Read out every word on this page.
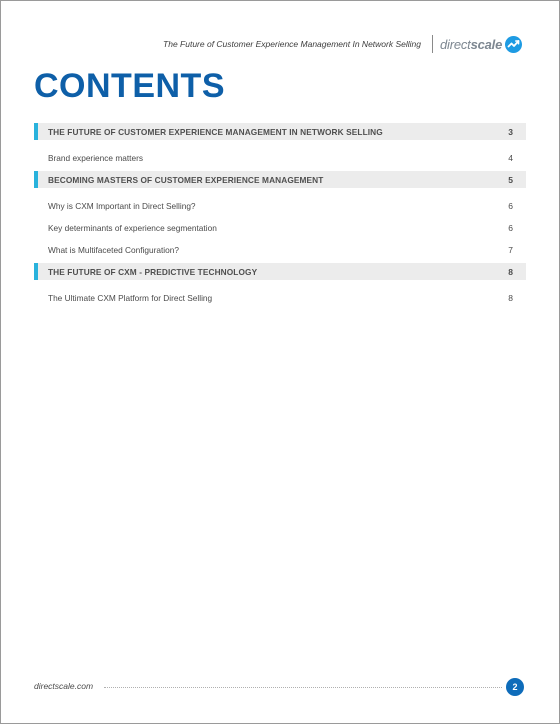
The Future of Customer Experience Management In Network Selling direct scale
CONTENTS
THE FUTURE OF CUSTOMER EXPERIENCE MANAGEMENT IN NETWORK SELLING	3
Brand experience matters	4
BECOMING MASTERS OF CUSTOMER EXPERIENCE MANAGEMENT	5
Why is CXM Important in Direct Selling?	6
Key determinants of experience segmentation	6
What is Multifaceted Configuration?	7
THE FUTURE OF CXM - PREDICTIVE TECHNOLOGY	8
The Ultimate CXM Platform for Direct Selling	8
directscale.com	2
